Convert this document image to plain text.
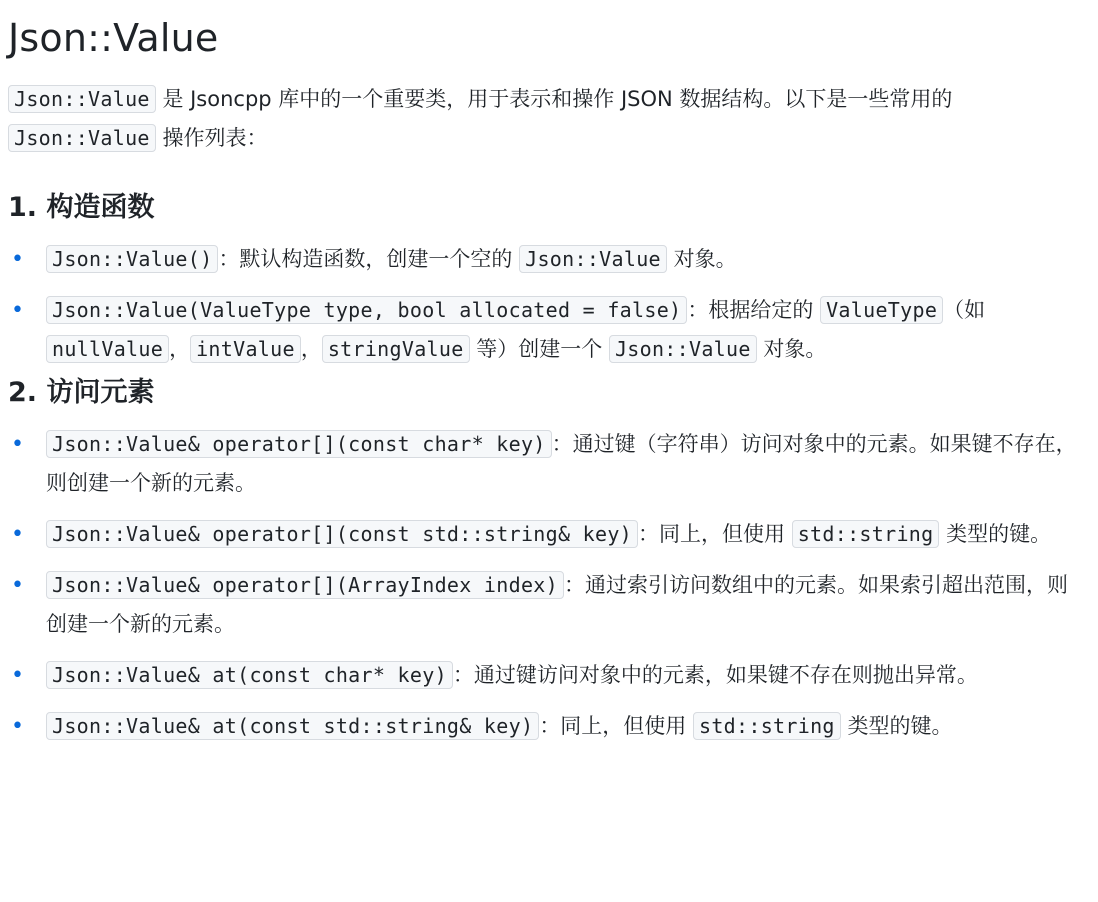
Json::Value

Json::Value 是 Jsoncpp 库中的一个重要类，用于表示和操作 JSON 数据结构。以下是一些常用的 Json::Value 操作列表：

1. 构造函数
• Json::Value() ：默认构造函数，创建一个空的 Json::Value 对象。
• Json::Value(ValueType type, bool allocated = false) ：根据给定的 ValueType （如 nullValue ， intValue ， stringValue 等）创建一个 Json::Value 对象。
2. 访问元素
• Json::Value& operator[](const char* key) ：通过键（字符串）访问对象中的元素。如果键不存在，则创建一个新的元素。
• Json::Value& operator[](const std::string& key) ：同上，但使用 std::string 类型的键。
• Json::Value& operator[](ArrayIndex index) ：通过索引访问数组中的元素。如果索引超出范围，则创建一个新的元素。
• Json::Value& at(const char* key) ：通过键访问对象中的元素，如果键不存在则抛出异常。
• Json::Value& at(const std::string& key) ：同上，但使用 std::string 类型的键。
